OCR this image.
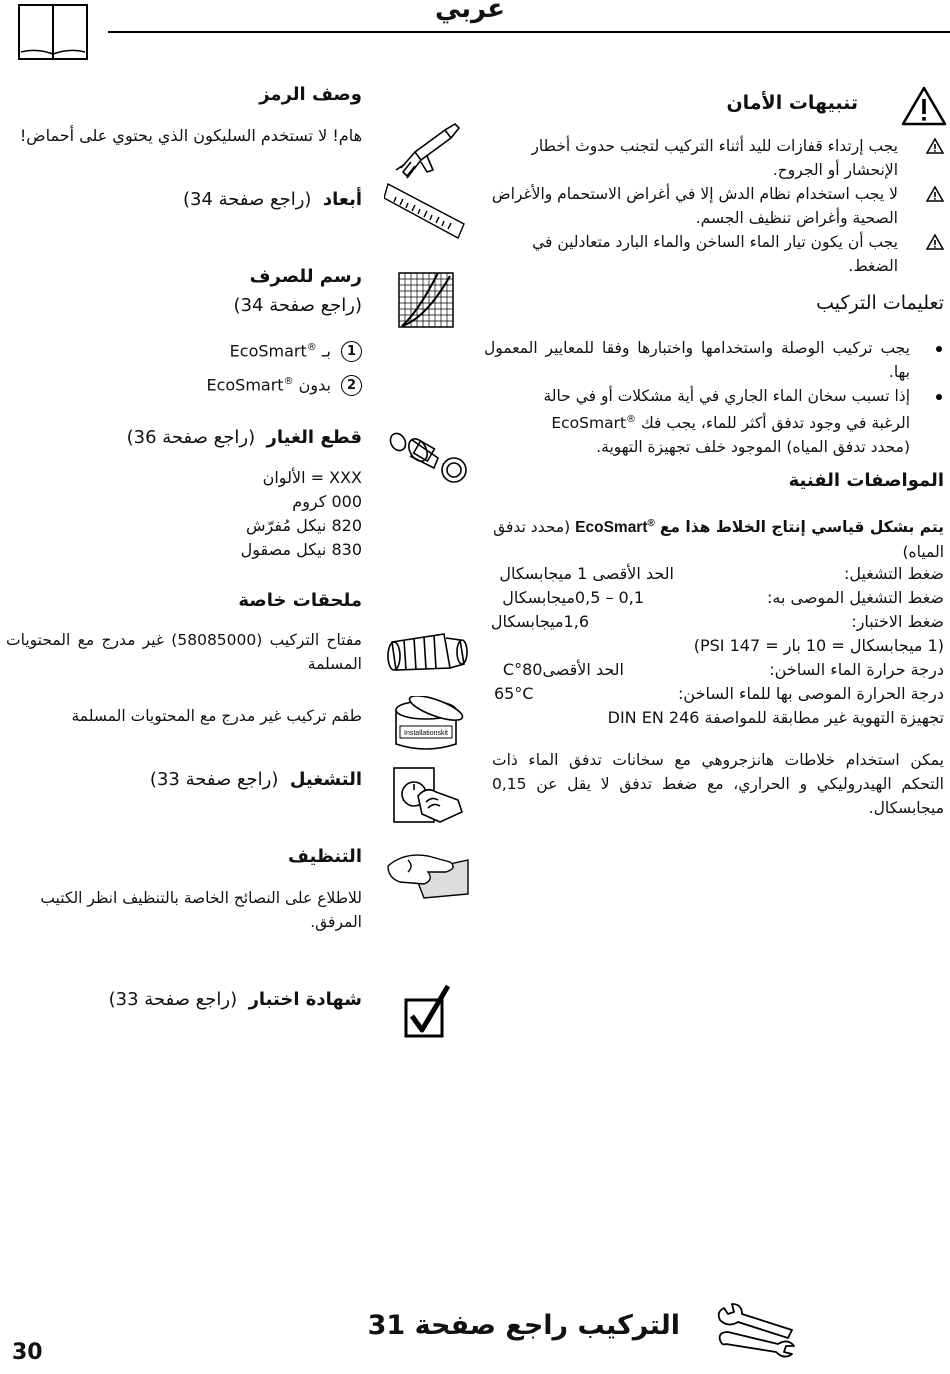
عربي
تنبيهات الأمان
يجب إرتداء قفازات لليد أثناء التركيب لتجنب حدوث أخطار الإنحشار أو الجروح.
لا يجب استخدام نظام الدش إلا في أغراض الاستحمام والأغراض الصحية وأغراض تنظيف الجسم.
يجب أن يكون تيار الماء الساخن والماء البارد متعادلين في الضغط.
تعليمات التركيب
يجب تركيب الوصلة واستخدامها واختبارها وفقا للمعايير المعمول بها.
إذا تسبب سخان الماء الجاري في أية مشكلات أو في حالة
الرغبة في وجود تدفق أكثر للماء، يجب فك EcoSmart®
(محدد تدفق المياه) الموجود خلف تجهيزة التهوية.
المواصفات الفنية
يتم بشكل قياسي إنتاج الخلاط هذا مع EcoSmart® (محدد تدفق المياه)
ضغط التشغيل:
الحد الأقصى 1 ميجابسكال
ضغط التشغيل الموصى به:
0,1 – 0,5ميجابسكال
ضغط الاختبار:
1,6ميجابسكال
(1 ميجابسكال = 10 بار = 147 PSI)
درجة حرارة الماء الساخن:
الحد الأقصى80°C
درجة الحرارة الموصى بها للماء الساخن:
65°C
تجهيزة التهوية غير مطابقة للمواصفة DIN EN 246
يمكن استخدام خلاطات هانزجروهي مع سخانات تدفق الماء ذات التحكم الهيدروليكي و الحراري، مع ضغط تدفق لا يقل عن 0,15 ميجابسكال.
وصف الرمز
هام! لا تستخدم السليكون الذي يحتوي على أحماض!
أبعاد  (راجع صفحة 34)
رسم للصرف
(راجع صفحة 34)
1بـ EcoSmart®
2بدون EcoSmart®
قطع الغيار  (راجع صفحة 36)
XXX = الألوان
000 كروم
820 نيكل مُفرّش
830 نيكل مصقول
ملحقات خاصة
مفتاح التركيب (58085000) غير مدرج مع المحتويات المسلمة
Installationskit
طقم تركيب غير مدرج مع المحتويات المسلمة
التشغيل  (راجع صفحة 33)
التنظيف
للاطلاع على النصائح الخاصة بالتنظيف انظر الكتيب المرفق.
شهادة اختبار  (راجع صفحة 33)
التركيب راجع صفحة 31
30
